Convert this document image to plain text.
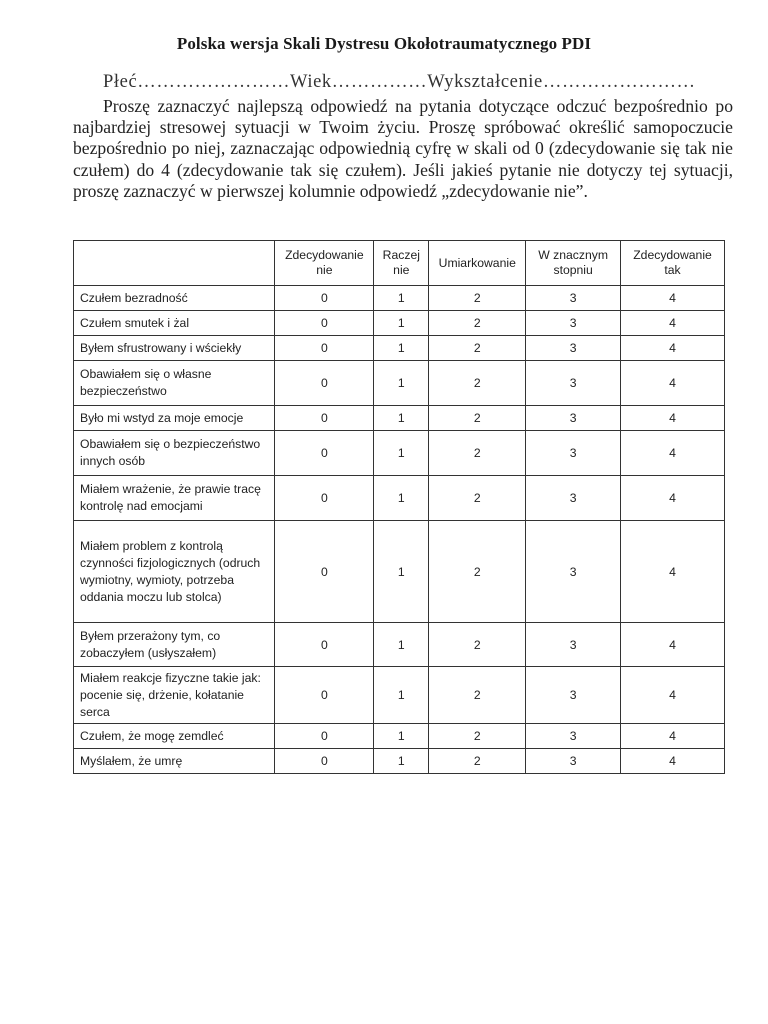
Polska wersja Skali Dystresu Okołotraumatycznego PDI
Płeć……………………Wiek……………Wykształcenie……………………

Proszę zaznaczyć najlepszą odpowiedź na pytania dotyczące odczuć bezpośrednio po najbardziej stresowej sytuacji w Twoim życiu. Proszę spróbować określić samopoczucie bezpośrednio po niej, zaznaczając odpowiednią cyfrę w skali od 0 (zdecydowanie się tak nie czułem) do 4 (zdecydowanie tak się czułem). Jeśli jakieś pytanie nie dotyczy tej sytuacji, proszę zaznaczyć w pierwszej kolumnie odpowiedź „zdecydowanie nie”.

	Zdecydowanie nie	Raczej nie	Umiarkowanie	W znacznym stopniu	Zdecydowanie tak
Czułem bezradność	0	1	2	3	4
Czułem smutek i żal	0	1	2	3	4
Byłem sfrustrowany i wściekły	0	1	2	3	4
Obawiałem się o własne bezpieczeństwo	0	1	2	3	4
Było mi wstyd za moje emocje	0	1	2	3	4
Obawiałem się o bezpieczeństwo innych osób	0	1	2	3	4
Miałem wrażenie, że prawie tracę kontrolę nad emocjami	0	1	2	3	4
Miałem problem z kontrolą czynności fizjologicznych (odruch wymiotny, wymioty, potrzeba oddania moczu lub stolca)	0	1	2	3	4
Byłem przerażony tym, co zobaczyłem (usłyszałem)	0	1	2	3	4
Miałem reakcje fizyczne takie jak: pocenie się, drżenie, kołatanie serca	0	1	2	3	4
Czułem, że mogę zemdleć	0	1	2	3	4
Myślałem, że umrę	0	1	2	3	4
